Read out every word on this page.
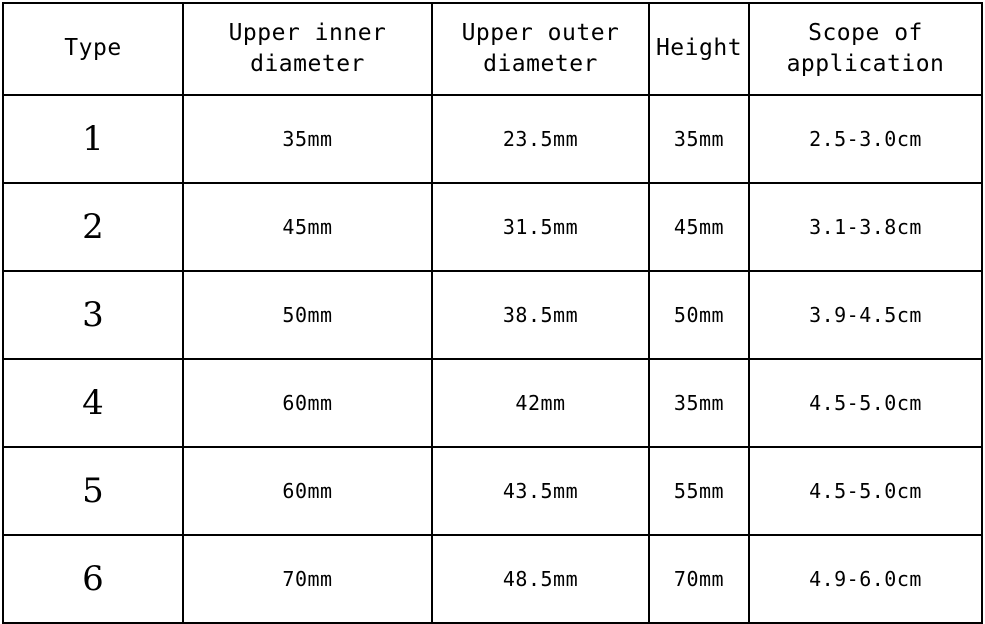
Type	Upper inner diameter	Upper outer diameter	Height	Scope of application
1	35mm	23.5mm	35mm	2.5-3.0cm
2	45mm	31.5mm	45mm	3.1-3.8cm
3	50mm	38.5mm	50mm	3.9-4.5cm
4	60mm	42mm	35mm	4.5-5.0cm
5	60mm	43.5mm	55mm	4.5-5.0cm
6	70mm	48.5mm	70mm	4.9-6.0cm
